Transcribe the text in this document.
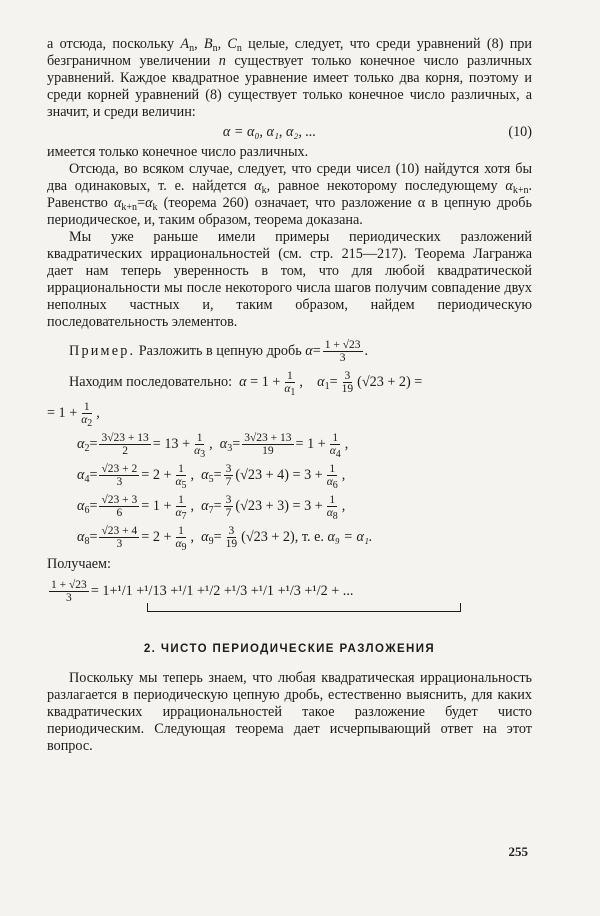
а отсюда, поскольку $A_n$, $B_n$, $C_n$ целые, следует, что среди уравнений (8) при безграничном увеличении n существует только конечное число различных уравнений. Каждое квадратное уравнение имеет только два корня, поэтому и среди корней уравнений (8) существует только конечное число различных, а значит, и среди величин:

α = α₀, α₁, α₂, ...	(10)

имеется только конечное число различных.

Отсюда, во всяком случае, следует, что среди чисел (10) найдутся хотя бы два одинаковых, т. е. найдется $\alpha_k$, равное некоторому последующему $\alpha_{k+n}$. Равенство $\alpha_{k+n}=\alpha_k$ (теорема 260) означает, что разложение α в цепную дробь периодическое, и, таким образом, теорема доказана.

Мы уже раньше имели примеры периодических разложений квадратических иррациональностей (см. стр. 215—217). Теорема Лагранжа дает нам теперь уверенность в том, что для любой квадратической иррациональности мы после некоторого числа шагов получим совпадение двух неполных частных и, таким образом, найдем периодическую последовательность элементов.

Пример. Разложить в цепную дробь $\alpha= \frac{1 + √23}{3}$ .
Находим последовательно: $\alpha = 1 + \frac{1}{\alpha_1}$ ,    $\alpha_1= \frac{3}{19} (√23 + 2)$ =
= $1 + \frac{1}{\alpha_2}$ ,
$\alpha_2= \frac{3√23 + 13}{2} = 13 + \frac{1}{\alpha_3}$ ,  $\alpha_3= \frac{3√23 + 13}{19} = 1 + \frac{1}{\alpha_4}$ ,
$\alpha_4= \frac{√23 + 2}{3} = 2 + \frac{1}{\alpha_5}$ ,  $\alpha_5= \frac{3}{7} (√23 + 4) = 3 + \frac{1}{\alpha_6}$ ,
$\alpha_6= \frac{√23 + 3}{6} = 1 + \frac{1}{\alpha_7}$ ,  $\alpha_7= \frac{3}{7} (√23 + 3) = 3 + \frac{1}{\alpha_8}$ ,
$\alpha_8= \frac{√23 + 4}{3} = 2 + \frac{1}{\alpha_9}$ ,  $\alpha_9= \frac{3}{19} (√23 + 2)$, т. е. α₉ = α₁.

Получаем:

$\frac{1 + √23}{3} = 1+^1/1 +^1/13 +^1/1 +^1/2 +^1/3 +^1/1 +^1/3 +^1/2$ + ...
2. ЧИСТО ПЕРИОДИЧЕСКИЕ РАЗЛОЖЕНИЯ

Поскольку мы теперь знаем, что любая квадратическая иррациональность разлагается в периодическую цепную дробь, естественно выяснить, для каких квадратических иррациональностей такое разложение будет чисто периодическим. Следующая теорема дает исчерпывающий ответ на этот вопрос.

255
